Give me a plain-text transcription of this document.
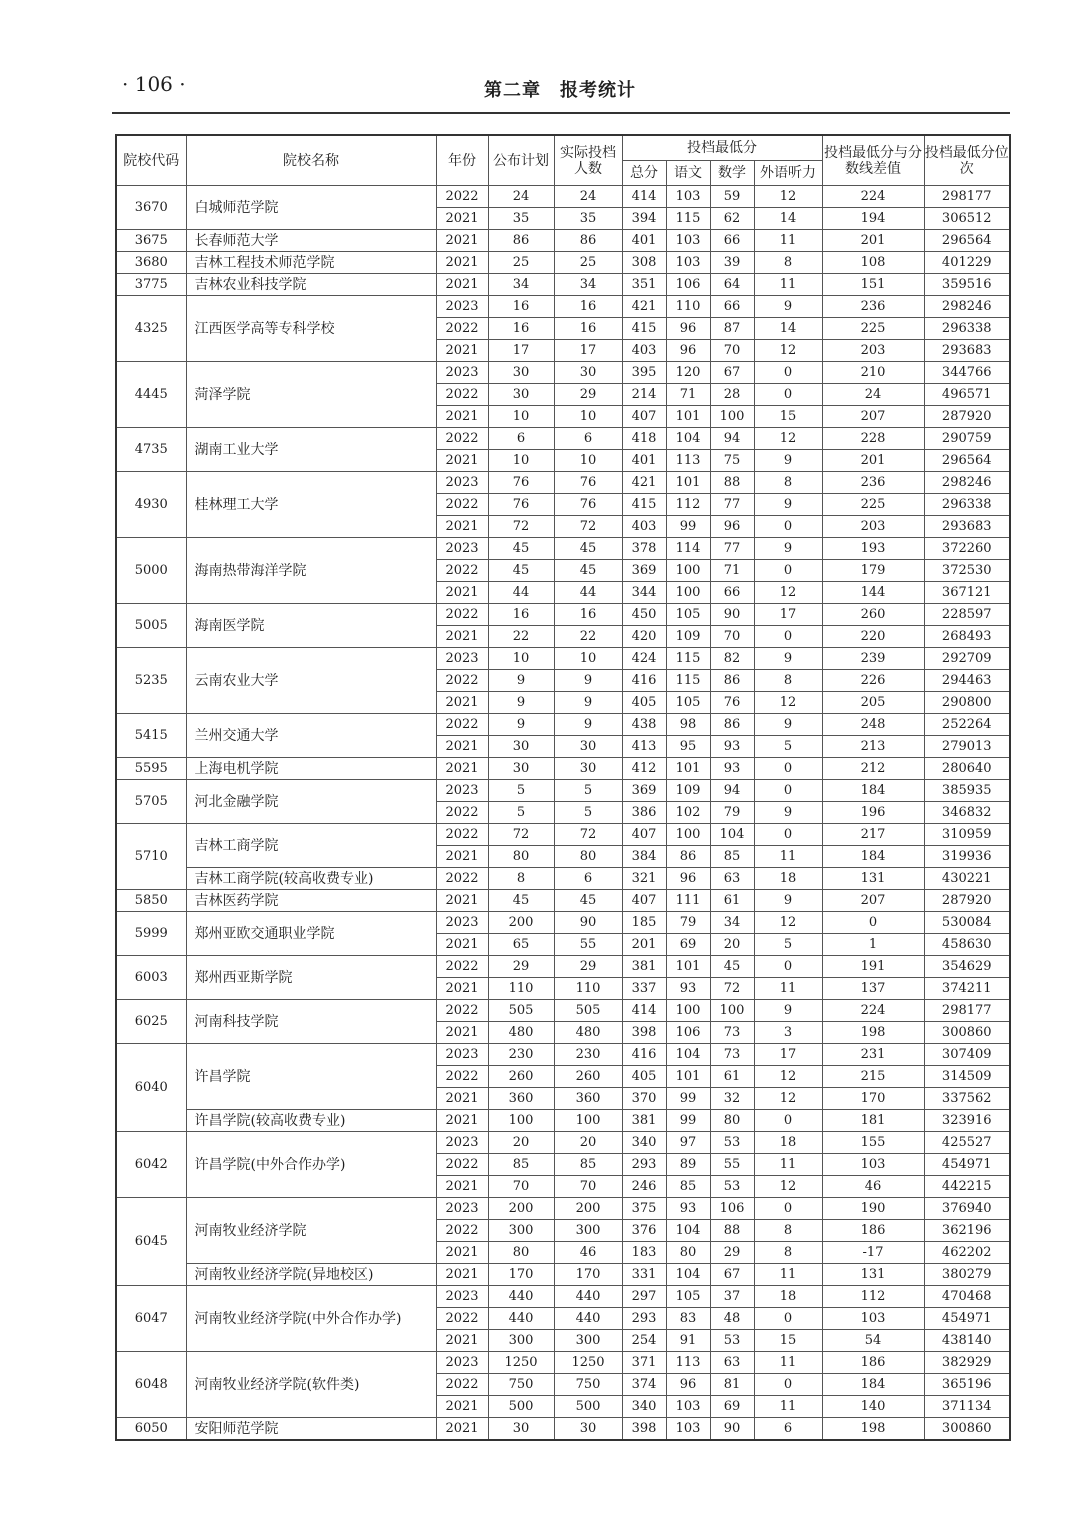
· 106 ·	第二章　报考统计
院校代码	院校名称	年份	公布计划	实际投档人数	投档最低分				投档最低分与分数线差值	投档最低分位次
					总分	语文	数学	外语听力		
3670	白城师范学院	2022	24	24	414	103	59	12	224	298177
		2021	35	35	394	115	62	14	194	306512
3675	长春师范大学	2021	86	86	401	103	66	11	201	296564
3680	吉林工程技术师范学院	2021	25	25	308	103	39	8	108	401229
3775	吉林农业科技学院	2021	34	34	351	106	64	11	151	359516
4325	江西医学高等专科学校	2023	16	16	421	110	66	9	236	298246
		2022	16	16	415	96	87	14	225	296338
		2021	17	17	403	96	70	12	203	293683
4445	菏泽学院	2023	30	30	395	120	67	0	210	344766
		2022	30	29	214	71	28	0	24	496571
		2021	10	10	407	101	100	15	207	287920
4735	湖南工业大学	2022	6	6	418	104	94	12	228	290759
		2021	10	10	401	113	75	9	201	296564
4930	桂林理工大学	2023	76	76	421	101	88	8	236	298246
		2022	76	76	415	112	77	9	225	296338
		2021	72	72	403	99	96	0	203	293683
5000	海南热带海洋学院	2023	45	45	378	114	77	9	193	372260
		2022	45	45	369	100	71	0	179	372530
		2021	44	44	344	100	66	12	144	367121
5005	海南医学院	2022	16	16	450	105	90	17	260	228597
		2021	22	22	420	109	70	0	220	268493
5235	云南农业大学	2023	10	10	424	115	82	9	239	292709
		2022	9	9	416	115	86	8	226	294463
		2021	9	9	405	105	76	12	205	290800
5415	兰州交通大学	2022	9	9	438	98	86	9	248	252264
		2021	30	30	413	95	93	5	213	279013
5595	上海电机学院	2021	30	30	412	101	93	0	212	280640
5705	河北金融学院	2023	5	5	369	109	94	0	184	385935
		2022	5	5	386	102	79	9	196	346832
5710	吉林工商学院	2022	72	72	407	100	104	0	217	310959
		2021	80	80	384	86	85	11	184	319936
	吉林工商学院(较高收费专业)	2022	8	6	321	96	63	18	131	430221
5850	吉林医药学院	2021	45	45	407	111	61	9	207	287920
5999	郑州亚欧交通职业学院	2023	200	90	185	79	34	12	0	530084
		2021	65	55	201	69	20	5	1	458630
6003	郑州西亚斯学院	2022	29	29	381	101	45	0	191	354629
		2021	110	110	337	93	72	11	137	374211
6025	河南科技学院	2022	505	505	414	100	100	9	224	298177
		2021	480	480	398	106	73	3	198	300860
6040	许昌学院	2023	230	230	416	104	73	17	231	307409
		2022	260	260	405	101	61	12	215	314509
		2021	360	360	370	99	32	12	170	337562
	许昌学院(较高收费专业)	2021	100	100	381	99	80	0	181	323916
6042	许昌学院(中外合作办学)	2023	20	20	340	97	53	18	155	425527
		2022	85	85	293	89	55	11	103	454971
		2021	70	70	246	85	53	12	46	442215
6045	河南牧业经济学院	2023	200	200	375	93	106	0	190	376940
		2022	300	300	376	104	88	8	186	362196
		2021	80	46	183	80	29	8	-17	462202
	河南牧业经济学院(异地校区)	2021	170	170	331	104	67	11	131	380279
6047	河南牧业经济学院(中外合作办学)	2023	440	440	297	105	37	18	112	470468
		2022	440	440	293	83	48	0	103	454971
		2021	300	300	254	91	53	15	54	438140
6048	河南牧业经济学院(软件类)	2023	1250	1250	371	113	63	11	186	382929
		2022	750	750	374	96	81	0	184	365196
		2021	500	500	340	103	69	11	140	371134
6050	安阳师范学院	2021	30	30	398	103	90	6	198	300860
